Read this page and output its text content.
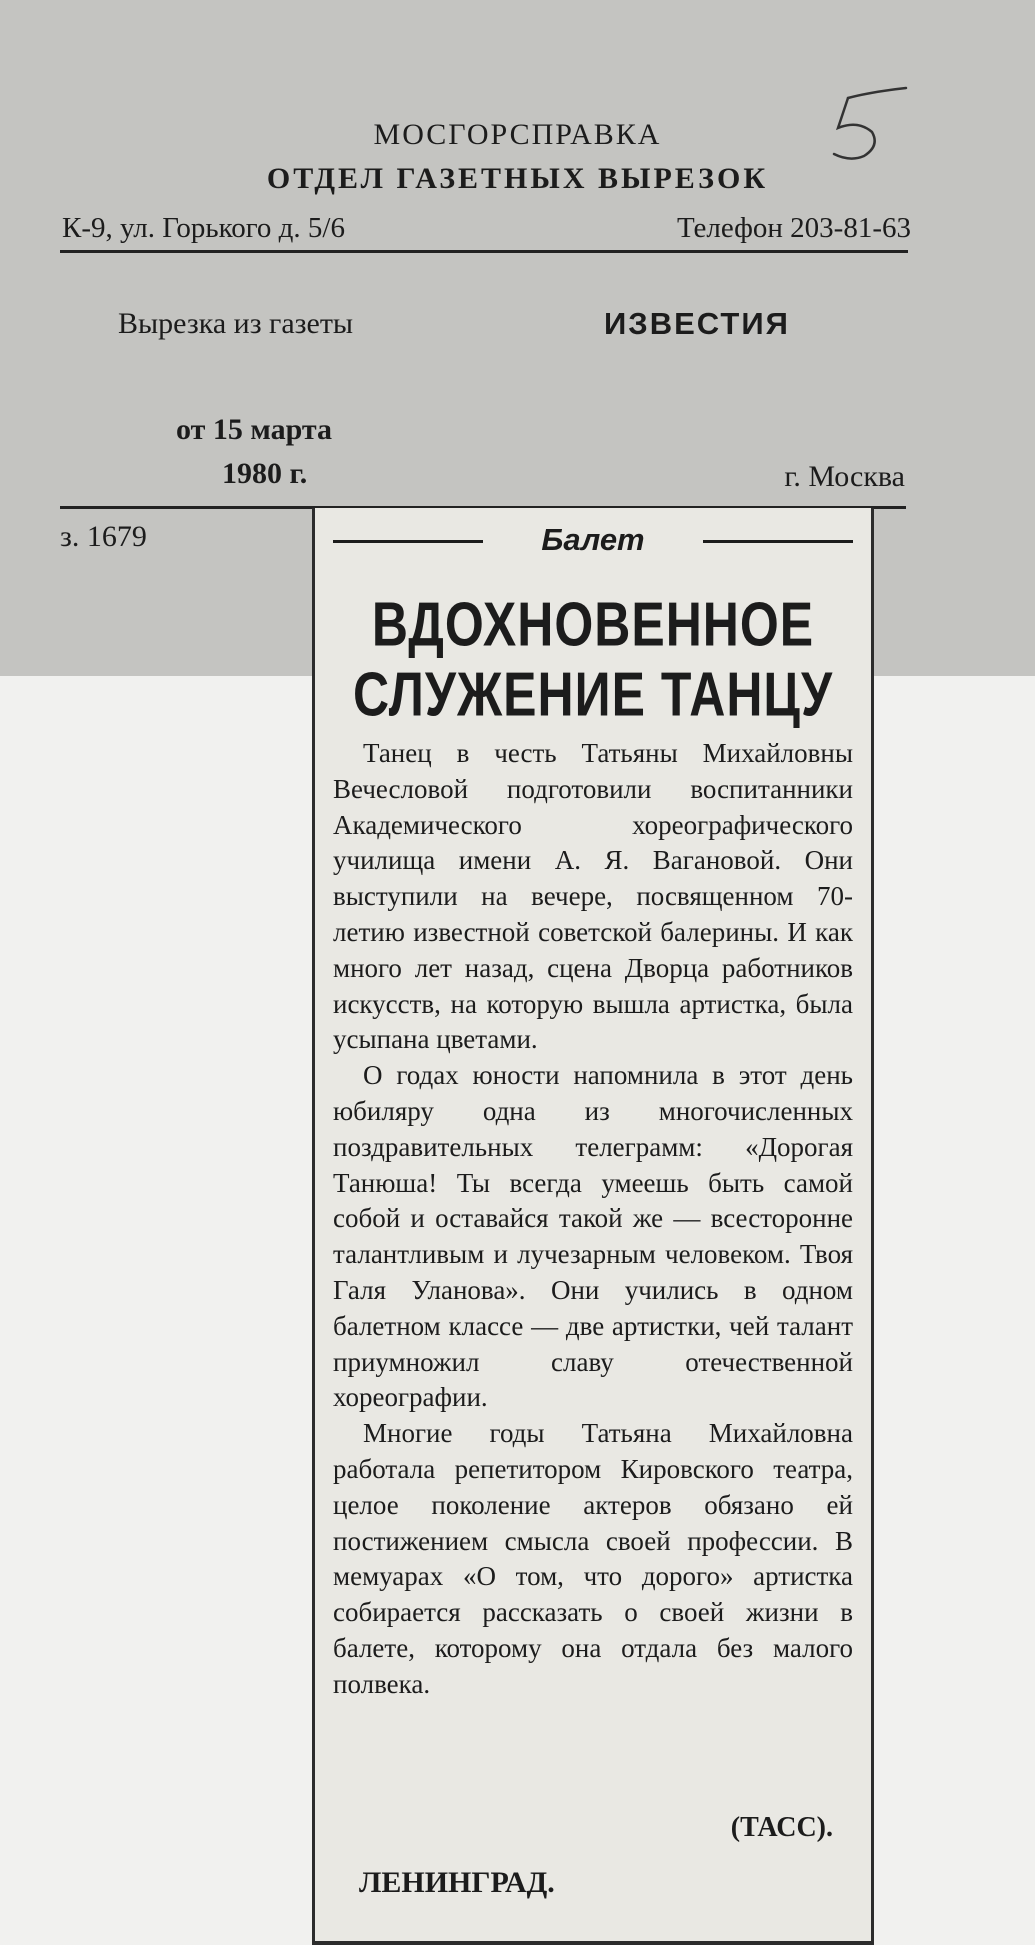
МОСГОРСПРАВКА
ОТДЕЛ ГАЗЕТНЫХ ВЫРЕЗОК
К-9, ул. Горького д. 5/6	Телефон 203-81-63
Вырезка из газеты	ИЗВЕСТИЯ
от 15 марта
1980 г.	г. Москва
з. 1679	Балет
ВДОХНОВЕННОЕ
СЛУЖЕНИЕ ТАНЦУ

Танец в честь Татьяны Михайловны Вечесловой подготовили воспитанники Академического хореографического училища имени А. Я. Вагановой. Они выступили на вечере, посвященном 70-летию известной советской балерины. И как много лет назад, сцена Дворца работников искусств, на которую вышла артистка, была усыпана цветами.

О годах юности напомнила в этот день юбиляру одна из многочисленных поздравительных телеграмм: «Дорогая Танюша! Ты всегда умеешь быть самой собой и оставайся такой же — всесторонне талантливым и лучезарным человеком. Твоя Галя Уланова». Они учились в одном балетном классе — две артистки, чей талант приумножил славу отечественной хореографии.

Многие годы Татьяна Михайловна работала репетитором Кировского театра, целое поколение актеров обязано ей постижением смысла своей профессии. В мемуарах «О том, что дорого» артистка собирается рассказать о своей жизни в балете, которому она отдала без малого полвека.

(ТАСС).
ЛЕНИНГРАД.
